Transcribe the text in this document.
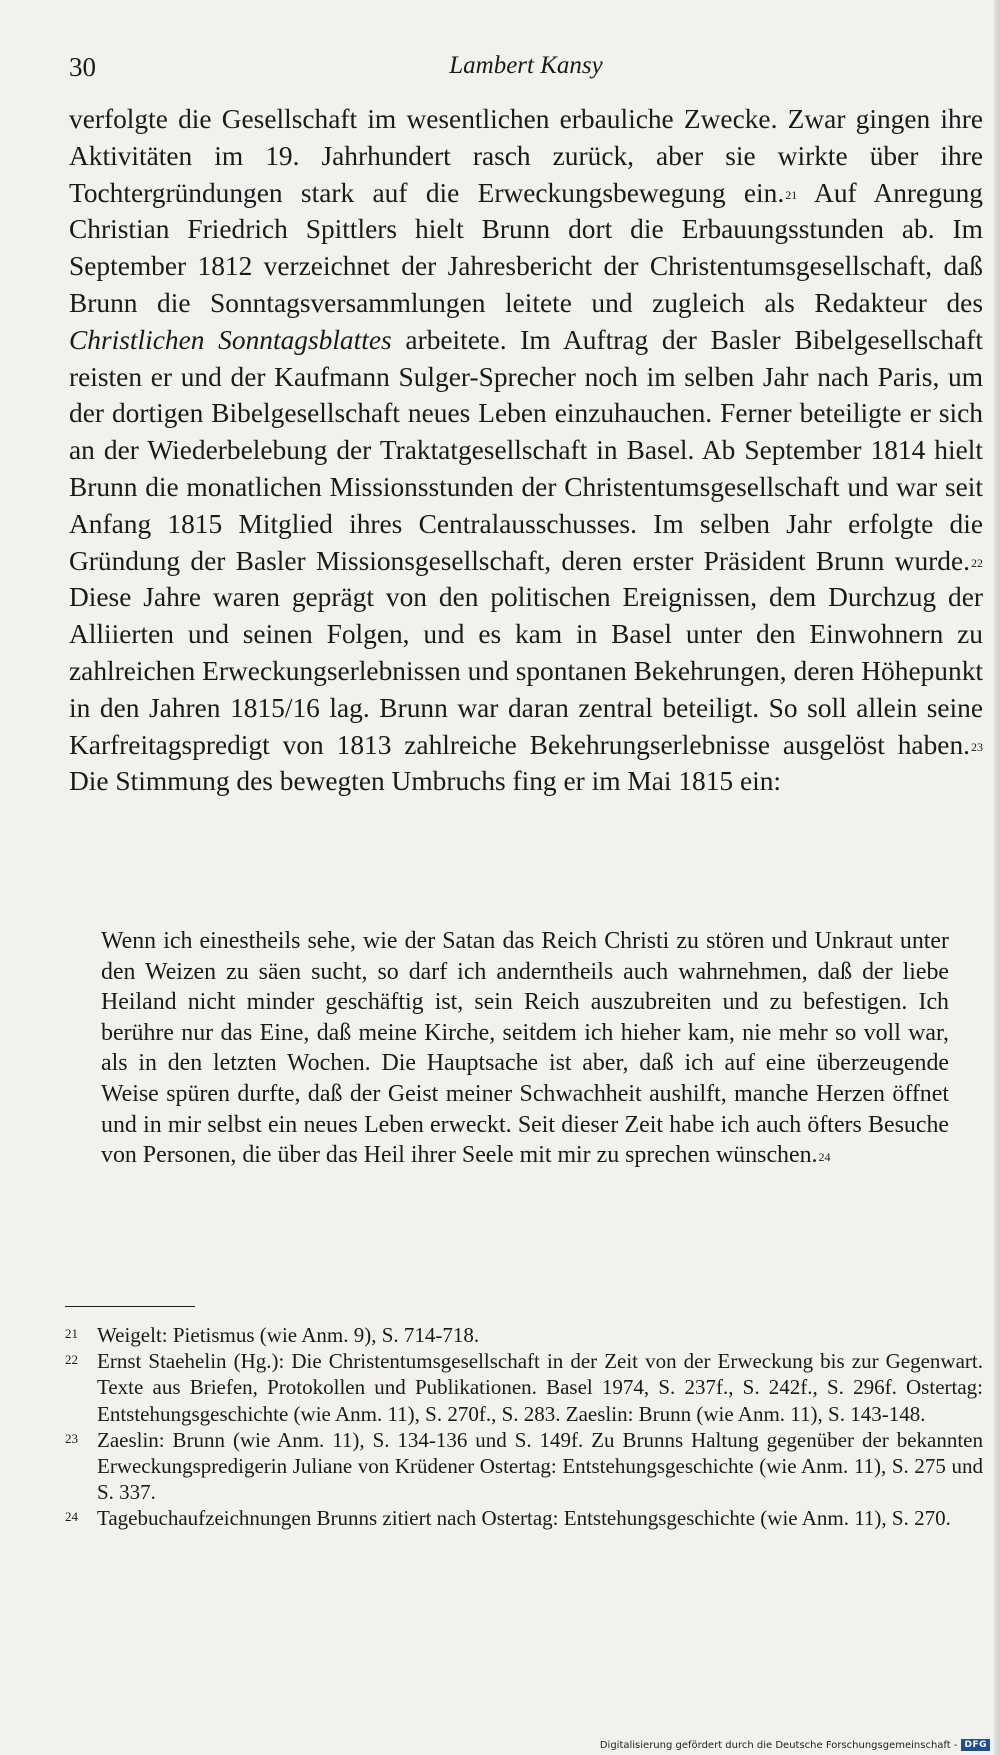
30	Lambert Kansy

verfolgte die Gesellschaft im wesentlichen erbauliche Zwecke. Zwar gingen ihre Aktivitäten im 19. Jahrhundert rasch zurück, aber sie wirkte über ihre Tochtergründungen stark auf die Erweckungsbewegung ein.$^{21}$ Auf Anregung Christian Friedrich Spittlers hielt Brunn dort die Erbauungsstunden ab. Im September 1812 verzeichnet der Jahresbericht der Christentumsgesellschaft, daß Brunn die Sonntagsversammlungen leitete und zugleich als Redakteur des Christlichen Sonntagsblattes arbeitete. Im Auftrag der Basler Bibelgesellschaft reisten er und der Kaufmann Sulger-Sprecher noch im selben Jahr nach Paris, um der dortigen Bibelgesellschaft neues Leben einzuhauchen. Ferner beteiligte er sich an der Wiederbelebung der Traktatgesellschaft in Basel. Ab September 1814 hielt Brunn die monatlichen Missionsstunden der Christentumsgesellschaft und war seit Anfang 1815 Mitglied ihres Centralausschusses. Im selben Jahr erfolgte die Gründung der Basler Missionsgesellschaft, deren erster Präsident Brunn wurde.$^{22}$ Diese Jahre waren geprägt von den politischen Ereignissen, dem Durchzug der Alliierten und seinen Folgen, und es kam in Basel unter den Einwohnern zu zahlreichen Erweckungserlebnissen und spontanen Bekehrungen, deren Höhepunkt in den Jahren 1815/16 lag. Brunn war daran zentral beteiligt. So soll allein seine Karfreitagspredigt von 1813 zahlreiche Bekehrungserlebnisse ausgelöst haben.$^{23}$ Die Stimmung des bewegten Umbruchs fing er im Mai 1815 ein:

Wenn ich einestheils sehe, wie der Satan das Reich Christi zu stören und Unkraut unter den Weizen zu säen sucht, so darf ich anderntheils auch wahrnehmen, daß der liebe Heiland nicht minder geschäftig ist, sein Reich auszubreiten und zu befestigen. Ich berühre nur das Eine, daß meine Kirche, seitdem ich hieher kam, nie mehr so voll war, als in den letzten Wochen. Die Hauptsache ist aber, daß ich auf eine überzeugende Weise spüren durfte, daß der Geist meiner Schwachheit aushilft, manche Herzen öffnet und in mir selbst ein neues Leben erweckt. Seit dieser Zeit habe ich auch öfters Besuche von Personen, die über das Heil ihrer Seele mit mir zu sprechen wünschen.$^{24}$

21 Weigelt: Pietismus (wie Anm. 9), S. 714-718.
22 Ernst Staehelin (Hg.): Die Christentumsgesellschaft in der Zeit von der Erweckung bis zur Gegenwart. Texte aus Briefen, Protokollen und Publikationen. Basel 1974, S. 237f., S. 242f., S. 296f. Ostertag: Entstehungsgeschichte (wie Anm. 11), S. 270f., S. 283. Zaeslin: Brunn (wie Anm. 11), S. 143-148.
23 Zaeslin: Brunn (wie Anm. 11), S. 134-136 und S. 149f. Zu Brunns Haltung gegenüber der bekannten Erweckungspredigerin Juliane von Krüdener Ostertag: Entstehungsgeschichte (wie Anm. 11), S. 275 und S. 337.
24 Tagebuchaufzeichnungen Brunns zitiert nach Ostertag: Entstehungsgeschichte (wie Anm. 11), S. 270.
Digitalisierung gefördert durch die Deutsche Forschungsgemeinschaft - DFG
